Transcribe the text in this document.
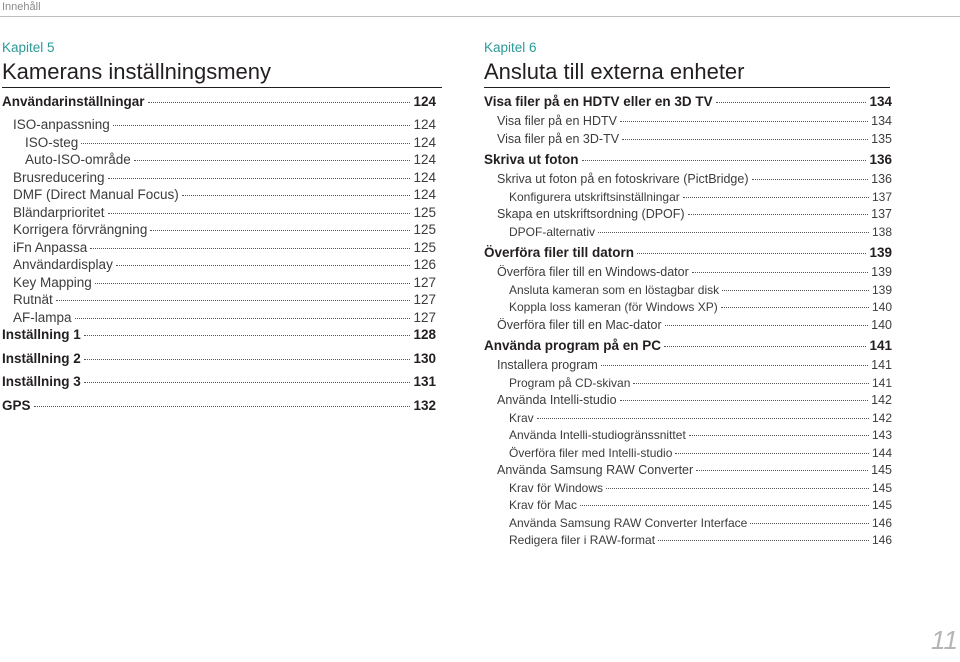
Innehåll
Kapitel 5
Kamerans inställningsmeny
Användarinställningar	124
ISO-anpassning	124
ISO-steg	124
Auto-ISO-område	124
Brusreducering	124
DMF (Direct Manual Focus)	124
Bländarprioritet	125
Korrigera förvrängning	125
iFn Anpassa	125
Användardisplay	126
Key Mapping	127
Rutnät	127
AF-lampa	127
Inställning 1	128
Inställning 2	130
Inställning 3	131
GPS	132
Kapitel 6
Ansluta till externa enheter
Visa filer på en HDTV eller en 3D TV	134
Visa filer på en HDTV	134
Visa filer på en 3D-TV	135
Skriva ut foton	136
Skriva ut foton på en fotoskrivare (PictBridge)	136
Konfigurera utskriftsinställningar	137
Skapa en utskriftsordning (DPOF)	137
DPOF-alternativ	138
Överföra filer till datorn	139
Överföra filer till en Windows-dator	139
Ansluta kameran som en löstagbar disk	139
Koppla loss kameran (för Windows XP)	140
Överföra filer till en Mac-dator	140
Använda program på en PC	141
Installera program	141
Program på CD-skivan	141
Använda Intelli-studio	142
Krav	142
Använda Intelli-studiogränssnittet	143
Överföra filer med Intelli-studio	144
Använda Samsung RAW Converter	145
Krav för Windows	145
Krav för Mac	145
Använda Samsung RAW Converter Interface	146
Redigera filer i RAW-format	146
11
